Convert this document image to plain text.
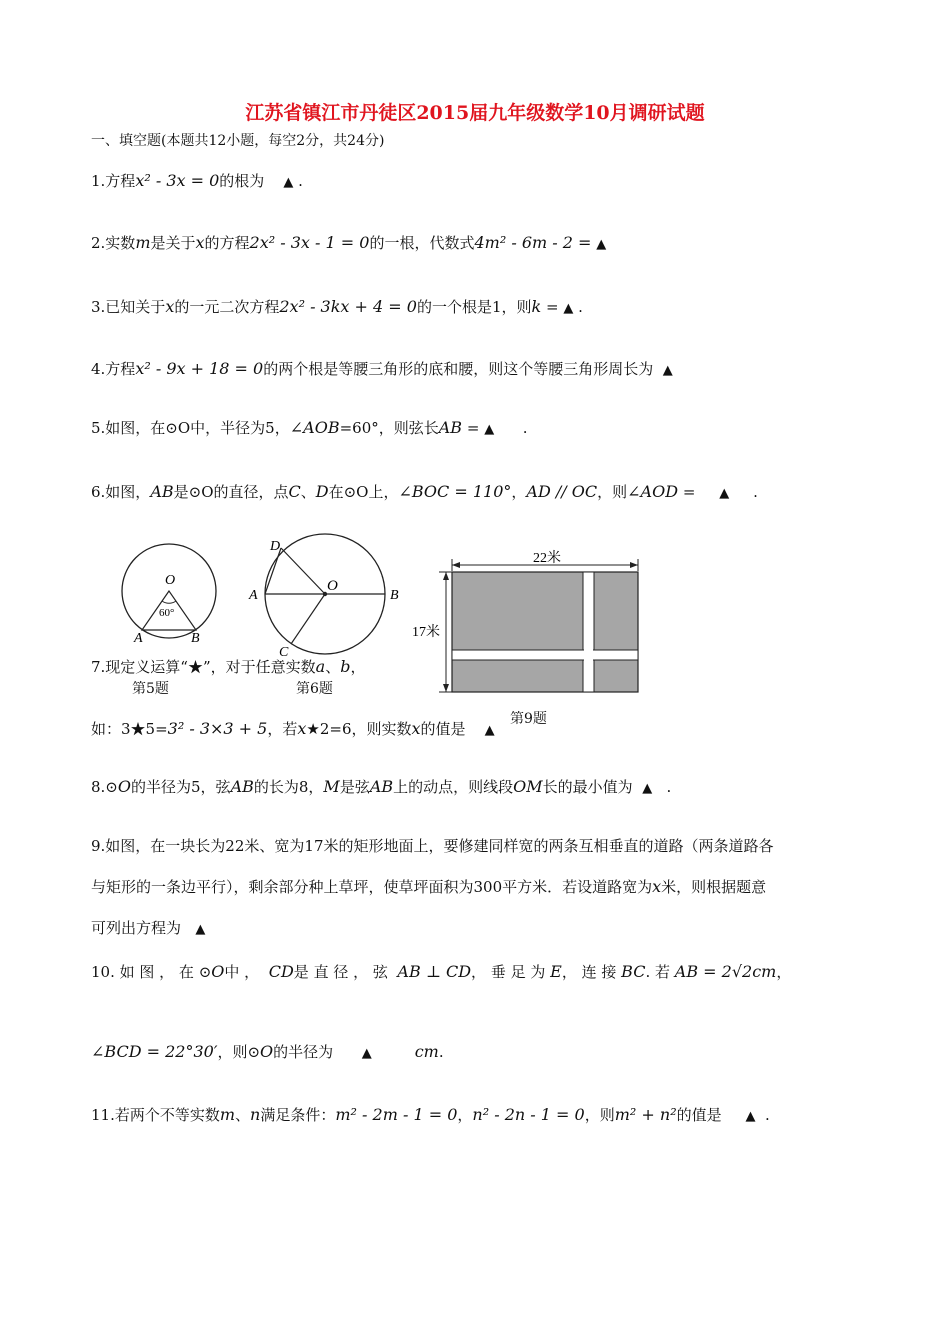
江苏省镇江市丹徒区2015届九年级数学10月调研试题
一、填空题(本题共12小题，每空2分，共24分)
1.方程x² - 3x = 0的根为 ▲ .
2.实数m是关于x的方程2x² - 3x - 1 = 0的一根，代数式4m² - 6m - 2 = ▲
3.已知关于x的一元二次方程2x² - 3kx + 4 = 0的一个根是1，则k = ▲ .
4.方程x² - 9x + 18 = 0的两个根是等腰三角形的底和腰，则这个等腰三角形周长为 ▲
5.如图，在⊙O中，半径为5，∠AOB=60°，则弦长AB = ▲ .
6.如图，AB是⊙O的直径，点C、D在⊙O上，∠BOC = 110°，AD // OC，则∠AOD = ▲ .
O
60°
A	B
第5题
D
O
A	B
C
第6题
22米
17米
7.现定义运算“★”，对于任意实数a、b，
第9题
如：3★5=3² - 3×3 + 5，若x★2=6，则实数x的值是 ▲
8.⊙O的半径为5，弦AB的长为8，M是弦AB上的动点，则线段OM长的最小值为 ▲ .
9.如图，在一块长为22米、宽为17米的矩形地面上，要修建同样宽的两条互相垂直的道路（两条道路各
与矩形的一条边平行），剩余部分种上草坪，使草坪面积为300平方米．若设道路宽为x米，则根据题意
可列出方程为 ▲
10. 如 图 ， 在 ⊙O中 ， CD是 直 径 ， 弦 AB ⊥ CD， 垂 足 为 E， 连 接 BC. 若 AB = 2√2cm，
∠BCD = 22°30′，则⊙O的半径为 ▲	cm.
11.若两个不等实数m、n满足条件：m² - 2m - 1 = 0，n² - 2n - 1 = 0，则m² + n²的值是 ▲ .
